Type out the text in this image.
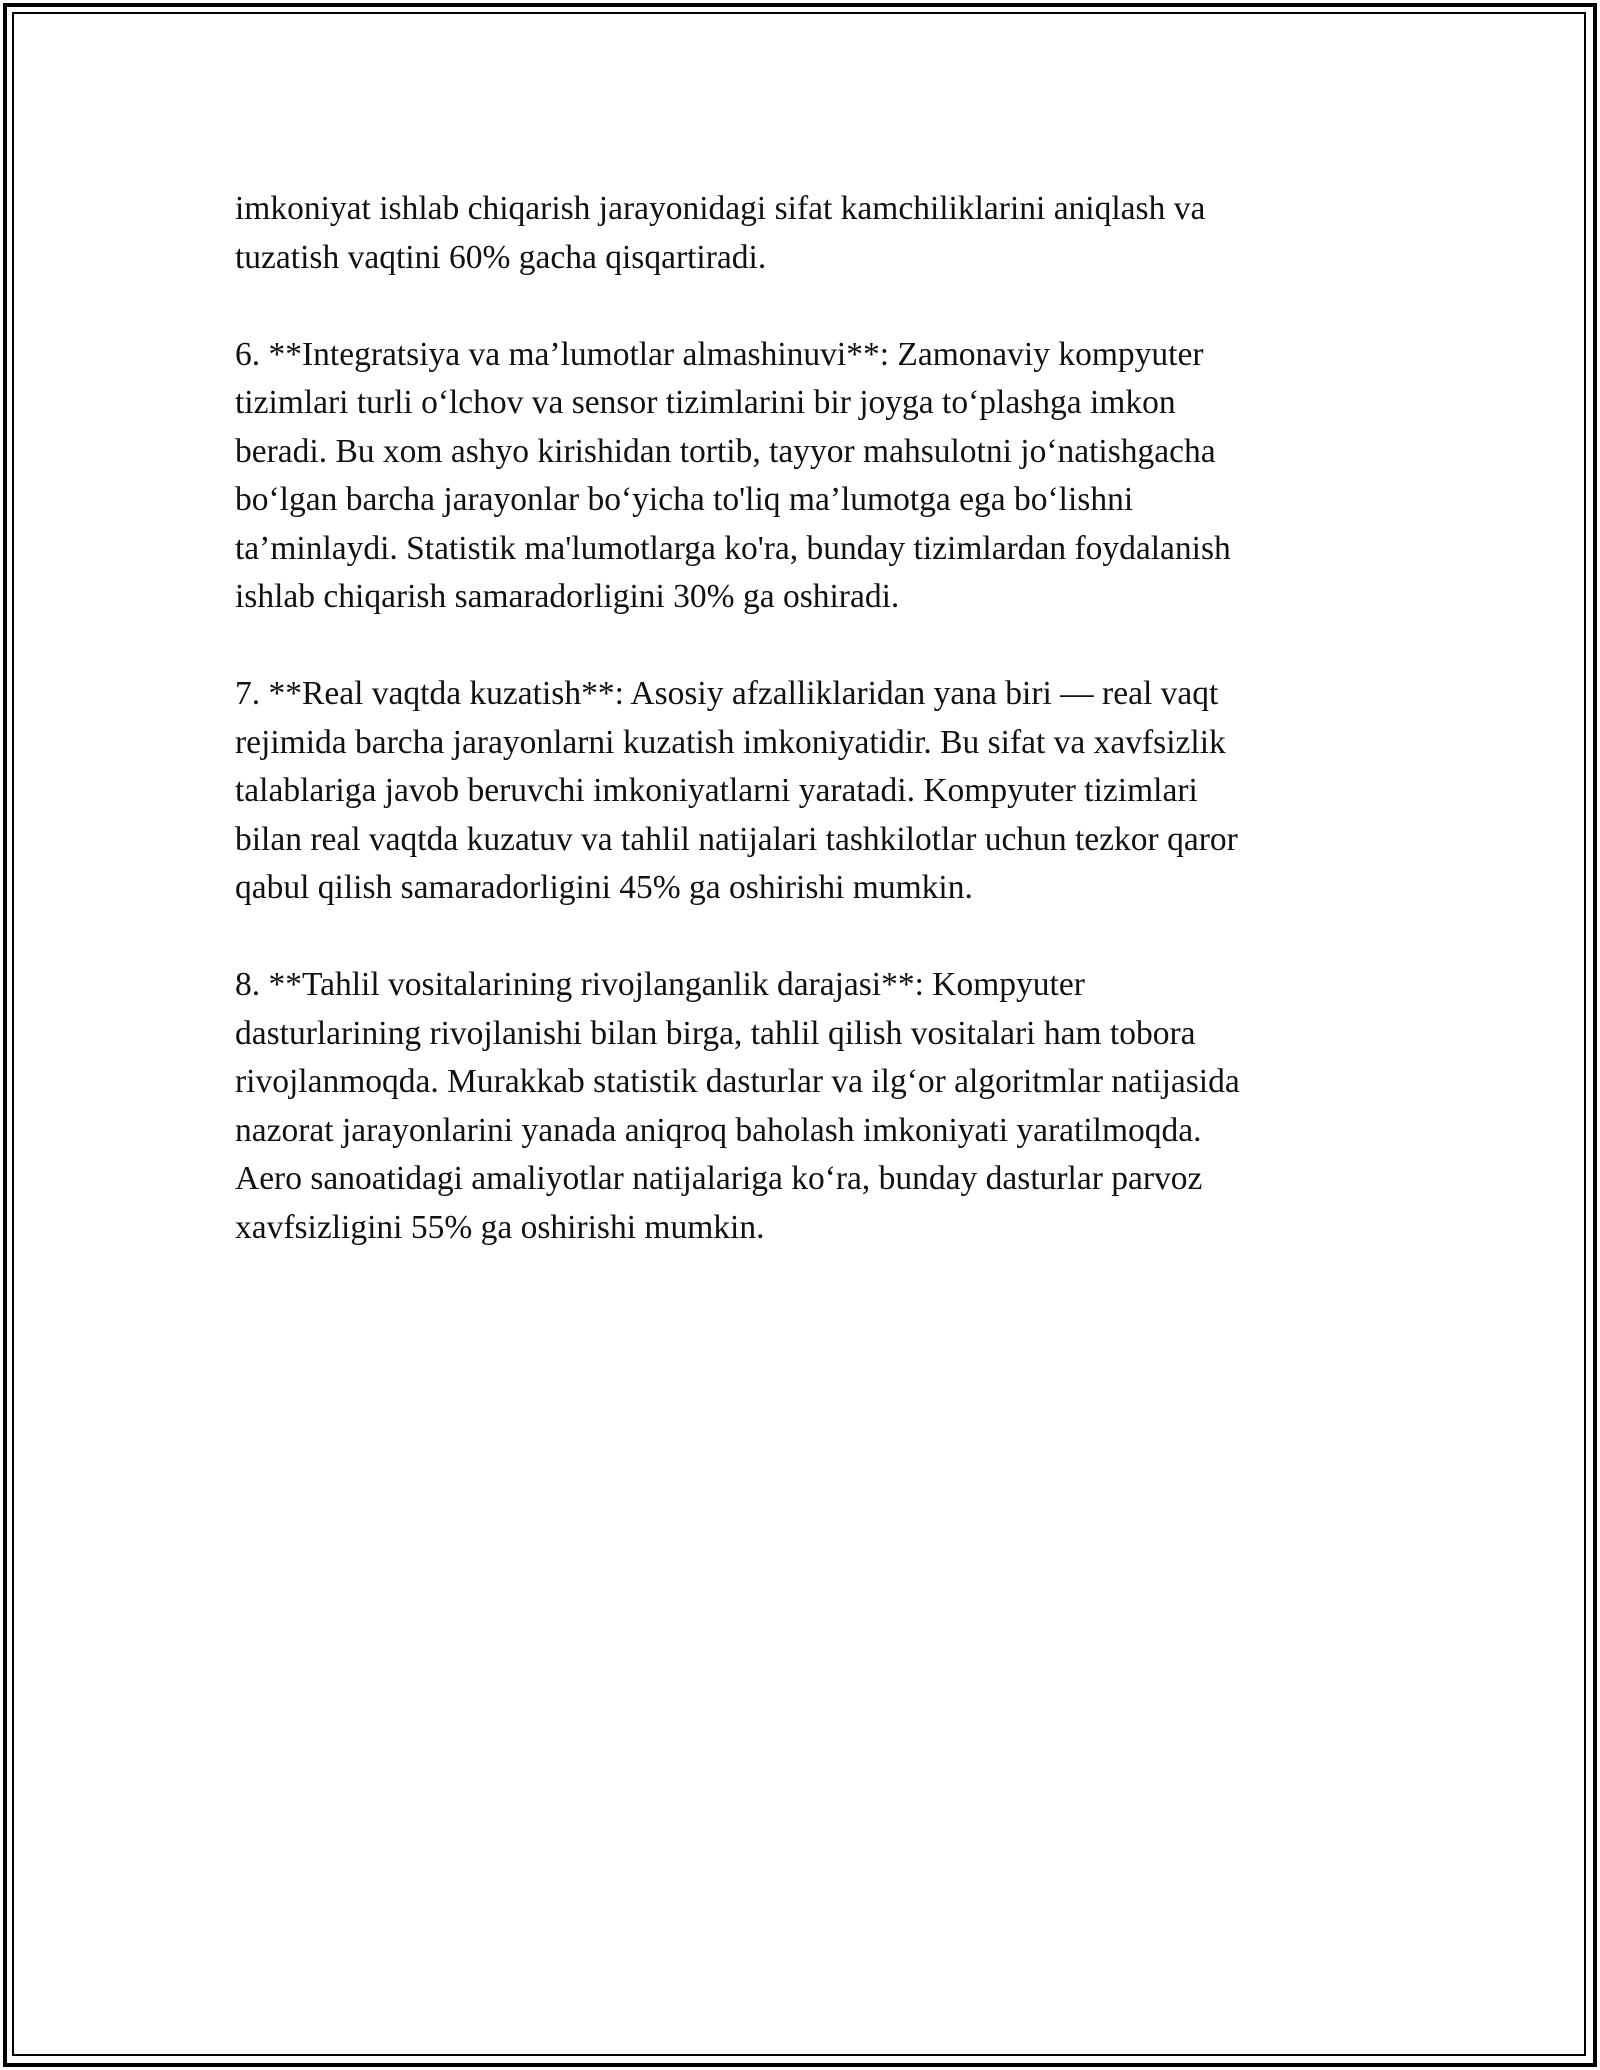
imkoniyat ishlab chiqarish jarayonidagi sifat kamchiliklarini aniqlash va
tuzatish vaqtini 60% gacha qisqartiradi.

6. **Integratsiya va ma’lumotlar almashinuvi**: Zamonaviy kompyuter
tizimlari turli o‘lchov va sensor tizimlarini bir joyga to‘plashga imkon
beradi. Bu xom ashyo kirishidan tortib, tayyor mahsulotni jo‘natishgacha
bo‘lgan barcha jarayonlar bo‘yicha to'liq ma’lumotga ega bo‘lishni
ta’minlaydi. Statistik ma'lumotlarga ko'ra, bunday tizimlardan foydalanish
ishlab chiqarish samaradorligini 30% ga oshiradi.

7. **Real vaqtda kuzatish**: Asosiy afzalliklaridan yana biri — real vaqt
rejimida barcha jarayonlarni kuzatish imkoniyatidir. Bu sifat va xavfsizlik
talablariga javob beruvchi imkoniyatlarni yaratadi. Kompyuter tizimlari
bilan real vaqtda kuzatuv va tahlil natijalari tashkilotlar uchun tezkor qaror
qabul qilish samaradorligini 45% ga oshirishi mumkin.

8. **Tahlil vositalarining rivojlanganlik darajasi**: Kompyuter
dasturlarining rivojlanishi bilan birga, tahlil qilish vositalari ham tobora
rivojlanmoqda. Murakkab statistik dasturlar va ilg‘or algoritmlar natijasida
nazorat jarayonlarini yanada aniqroq baholash imkoniyati yaratilmoqda.
Aero sanoatidagi amaliyotlar natijalariga ko‘ra, bunday dasturlar parvoz
xavfsizligini 55% ga oshirishi mumkin.
